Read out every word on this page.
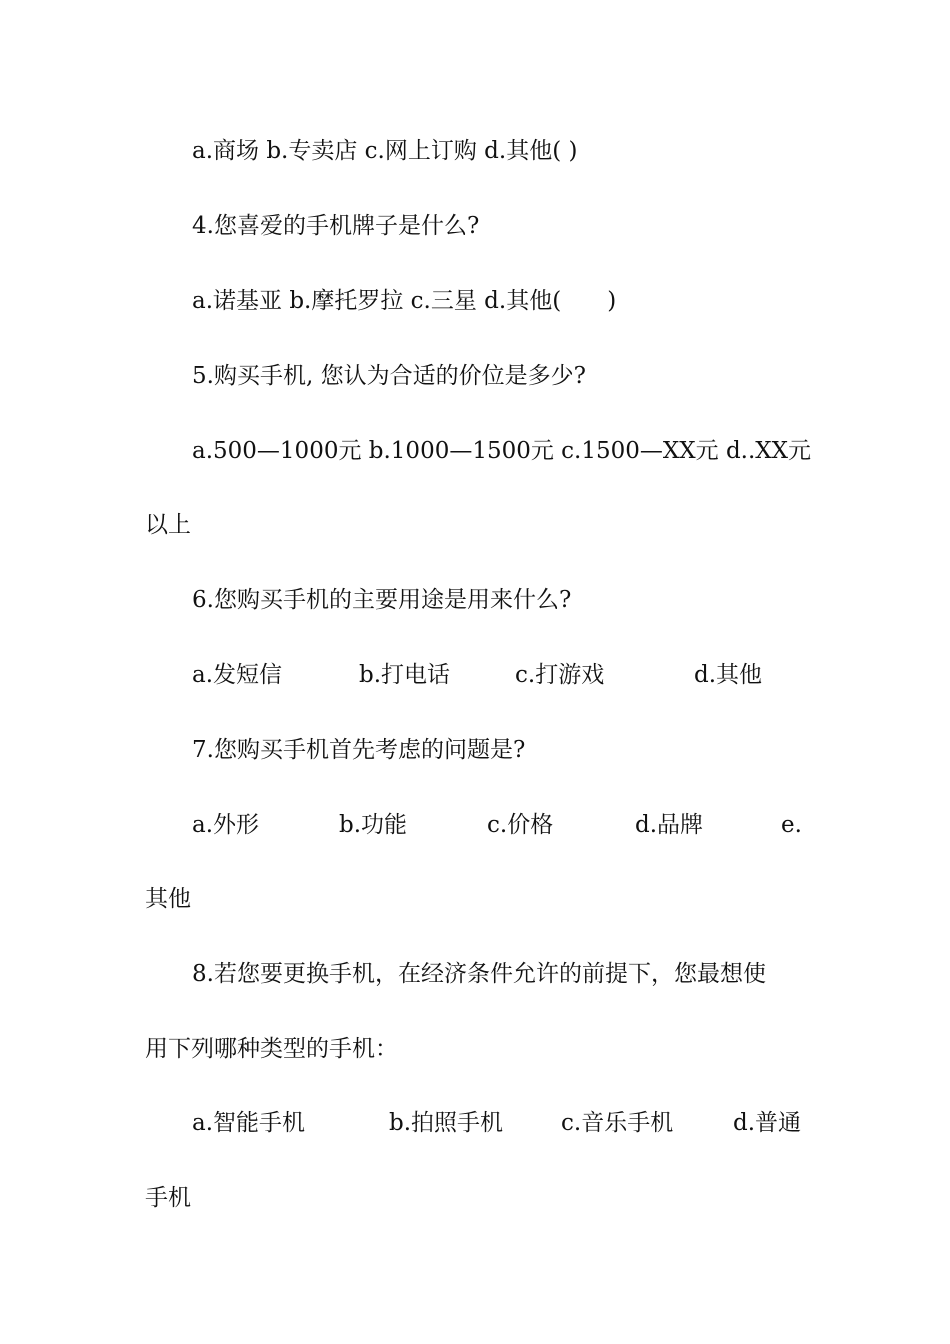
a.商场 b.专卖店 c.网上订购 d.其他( )
4.您喜爱的手机牌子是什么?
a.诺基亚 b.摩托罗拉 c.三星 d.其他(　　)
5.购买手机, 您认为合适的价位是多少?
a.500—1000元 b.1000—1500元 c.1500—XX元 d..XX元
以上
6.您购买手机的主要用途是用来什么?
a.发短信	b.打电话	c.打游戏	d.其他
7.您购买手机首先考虑的问题是?
a.外形	b.功能	c.价格	d.品牌	e.
其他
8.若您要更换手机，在经济条件允许的前提下，您最想使
用下列哪种类型的手机：
a.智能手机	b.拍照手机	c.音乐手机	d.普通
手机
